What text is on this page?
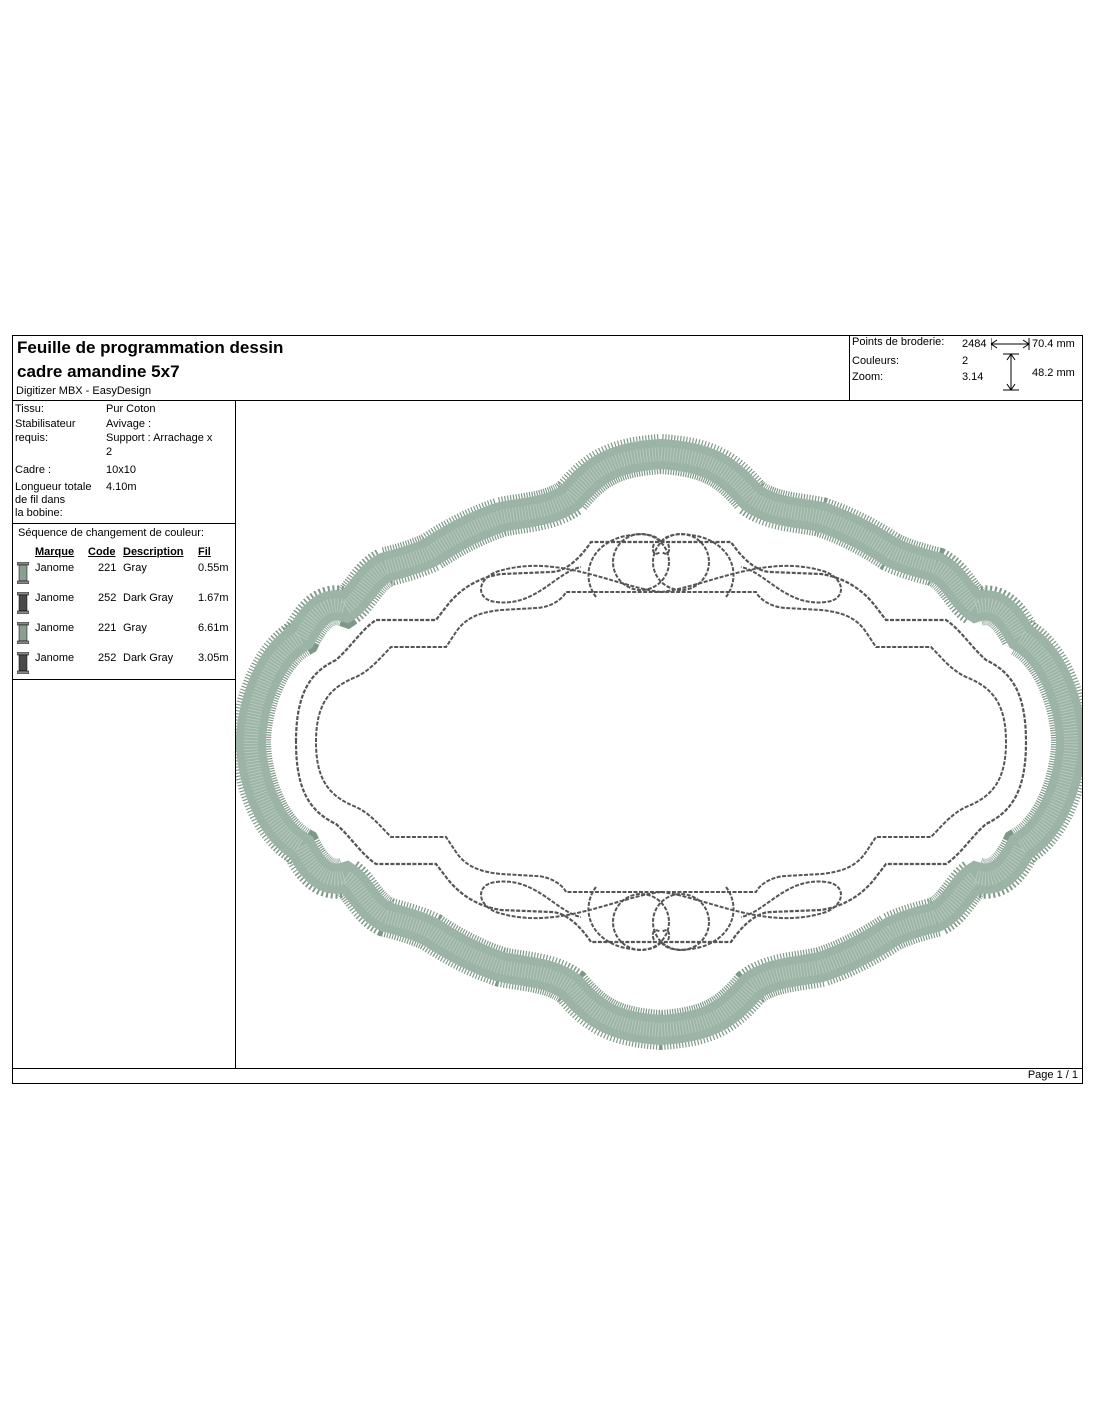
Feuille de programmation dessin
cadre amandine 5x7
Digitizer MBX - EasyDesign
Points de broderie: 2484
Couleurs:	2
Zoom:	3.14
70.4 mm
48.2 mm
Tissu:	Pur Coton
Stabilisateur
requis:
Avivage :
Support : Arrachage x
2
Cadre :	10x10
Longueur totale
de fil dans
la bobine:
4.10m
Séquence de changement de couleur:
Marque Code Description Fil
Janome 221 Gray	0.55m
Janome 252 Dark Gray 1.67m
Janome 221 Gray	6.61m
Janome 252 Dark Gray 3.05m
Page 1 / 1
